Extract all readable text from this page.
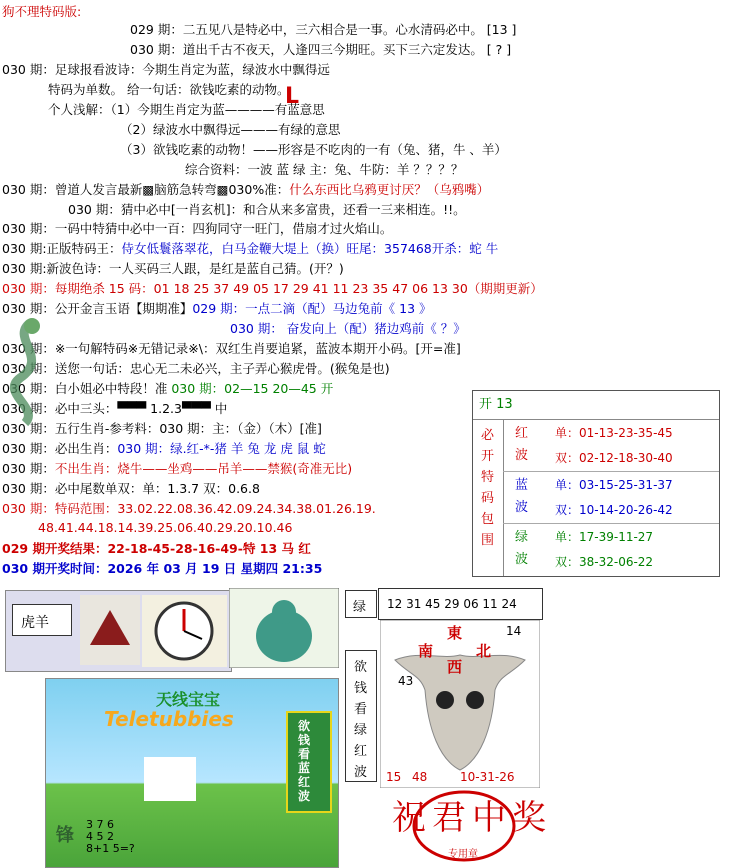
狗不理特码版:
029 期：二五见八是特必中，三六相合是一事。心水清码必中。 [13 ]
030 期：道出千古不夜天，人逢四三今期旺。买下三六定发达。 [ ? ]
030 期：足球报看波诗：今期生肖定为蓝，绿波水中飘得远
特码为单数。 给一句话：欲钱吃素的动物。
个人浅解：（1）今期生肖定为蓝————有蓝意思
L
（2）绿波水中飘得远———有绿的意思
（3）欲钱吃素的动物！——形容是不吃肉的一有（兔、猪，牛 、羊）
综合资料：一波 蓝 绿 主：兔、牛防：羊 ？？？？
030 期：曾道人发言最新▩脑筋急转弯▩030%准：什么东西比乌鸦更讨厌？（乌鸦嘴）
030 期：猜中必中[一肖玄机]：和合从来多富贵，还看一三来相连。!!。
030 期：一码中特猜中必中一百：四狗同守一旺门，借扇才过火焰山。
030 期:正版特码王：侍女低鬟落翠花，白马金鞭大堤上（换）旺尾：357468开杀：蛇 牛
030 期:新波色诗：一人买码三人跟，是红是蓝自己猜。(开？)
030 期：每期绝杀 15 码：01 18 25 37 49 05 17 29 41 11 23 35 47 06 13 30（期期更新）
030 期：公开金言玉语【期期准】029 期：一点二滴（配）马边兔前《 13 》
030 期： 奋发向上（配）猪边鸡前《 ？》
030 期：※一句解特码※无错记录※\：双红生肖要追紧，蓝波本期开小码。[开=准]
030 期：送您一句话：忠心无二未必兴，主子弄心猴虎骨。(猴兔是也)
030 期：白小姐必中特段！准 030 期：02—15 20—45 开
030 期：必中三头：▀▀▀ 1.2.3▀▀▀ 中
030 期：五行生肖-参考料：030 期：主：（金）（木）[准]
030 期：必出生肖：030 期：绿.红-*-猪 羊 兔 龙 虎 鼠 蛇
030 期：不出生肖：烧牛——坐鸡——吊羊——禁猴(奇准无比)
030 期：必中尾数单双：单：1.3.7 双：0.6.8
030 期：特码范围：33.02.22.08.36.42.09.24.34.38.01.26.19.
48.41.44.18.14.39.25.06.40.29.20.10.46
029 期开奖结果：22-18-45-28-16-49-特 13 马 红
030 期开奖时间：2026 年 03 月 19 日 星期四 21:35
开 13
必开特码包围
红波
单：01-13-23-35-45
双：02-12-18-30-40
蓝波
单：03-15-25-31-37
双：10-14-20-26-42
绿波
单：17-39-11-27
双：38-32-06-22
虎羊
绿 12 31 45 29 06 11 24
欲钱看绿红波
東
南
西
北
14
43
15 48	10-31-26
天线宝宝
Teletubbies	欲钱看蓝红波
锋
3 7 6
4 5 2
8+1 5=?
祝君中奖
专用章
